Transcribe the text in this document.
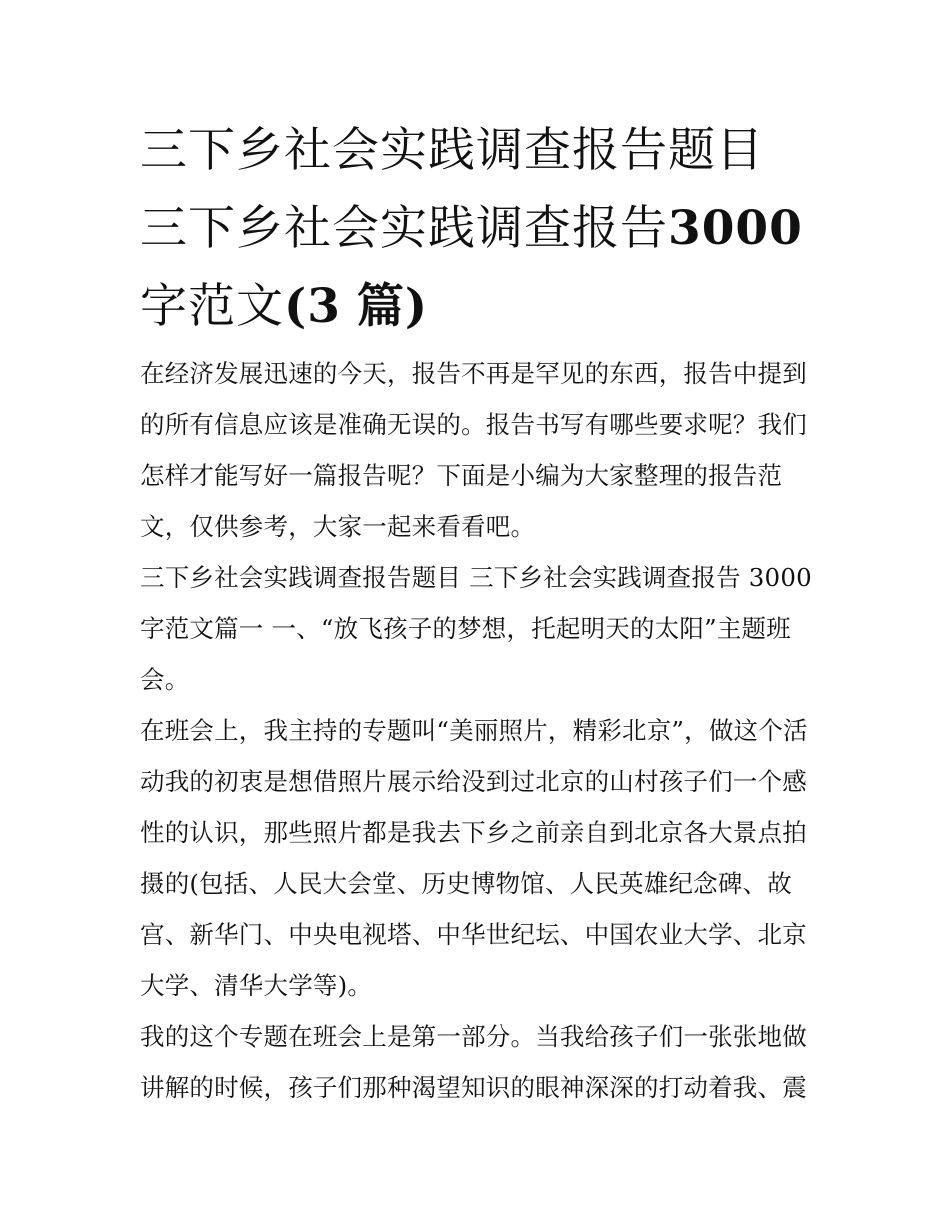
三下乡社会实践调查报告题目
三下乡社会实践调查报告3000
字范文(3 篇)

在经济发展迅速的今天，报告不再是罕见的东西，报告中提到的所有信息应该是准确无误的。报告书写有哪些要求呢？我们怎样才能写好一篇报告呢？下面是小编为大家整理的报告范文，仅供参考，大家一起来看看吧。

三下乡社会实践调查报告题目 三下乡社会实践调查报告 3000字范文篇一 一、“放飞孩子的梦想，托起明天的太阳”主题班会。

在班会上，我主持的专题叫“美丽照片，精彩北京”，做这个活动我的初衷是想借照片展示给没到过北京的山村孩子们一个感性的认识，那些照片都是我去下乡之前亲自到北京各大景点拍摄的(包括、人民大会堂、历史博物馆、人民英雄纪念碑、故宫、新华门、中央电视塔、中华世纪坛、中国农业大学、北京大学、清华大学等)。

我的这个专题在班会上是第一部分。当我给孩子们一张张地做讲解的时候，孩子们那种渴望知识的眼神深深的打动着我、震
